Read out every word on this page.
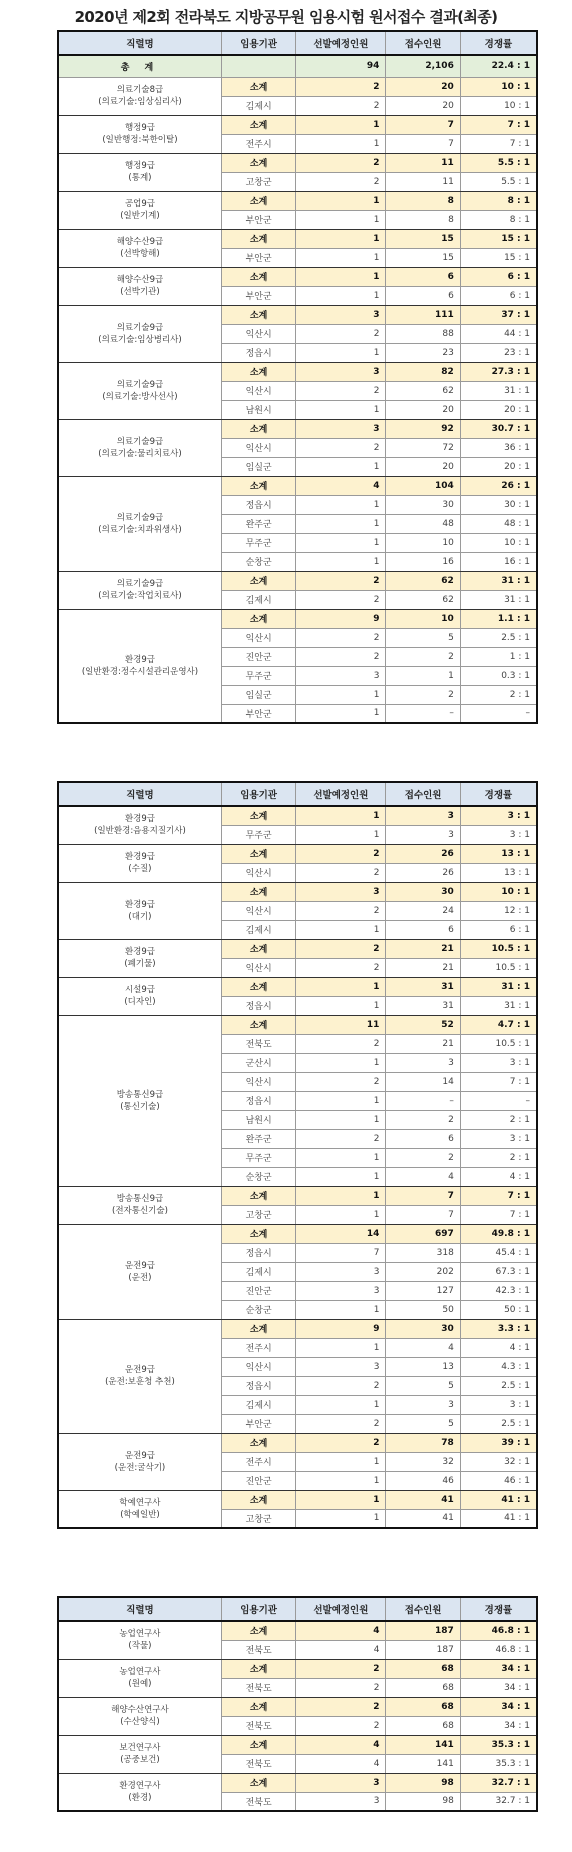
2020년 제2회 전라북도 지방공무원 임용시험 원서접수 결과(최종)
직렬명	임용기관	선발예정인원	접수인원	경쟁률
총 계		94	2,106	22.4 : 1

의료기술8급
(의료기술:임상심리사)	소계	2	20	10 : 1
	김제시	2	20	10 : 1

행정9급
(일반행정:북한이탈)	소계	1	7	7 : 1
	전주시	1	7	7 : 1

행정9급
(통계)	소계	2	11	5.5 : 1
	고창군	2	11	5.5 : 1

공업9급
(일반기계)	소계	1	8	8 : 1
	부안군	1	8	8 : 1

해양수산9급
(선박항해)	소계	1	15	15 : 1
	부안군	1	15	15 : 1

해양수산9급
(선박기관)	소계	1	6	6 : 1
	부안군	1	6	6 : 1

의료기술9급
(의료기술:임상병리사)	소계	3	111	37 : 1
	익산시	2	88	44 : 1
	정읍시	1	23	23 : 1

의료기술9급
(의료기술:방사선사)	소계	3	82	27.3 : 1
	익산시	2	62	31 : 1
	남원시	1	20	20 : 1

의료기술9급
(의료기술:물리치료사)	소계	3	92	30.7 : 1
	익산시	2	72	36 : 1
	임실군	1	20	20 : 1

의료기술9급
(의료기술:치과위생사)	소계	4	104	26 : 1
	정읍시	1	30	30 : 1
	완주군	1	48	48 : 1
	무주군	1	10	10 : 1
	순창군	1	16	16 : 1

의료기술9급
(의료기술:작업치료사)	소계	2	62	31 : 1
	김제시	2	62	31 : 1

환경9급
(일반환경:정수시설관리운영사)	소계	9	10	1.1 : 1
	익산시	2	5	2.5 : 1
	진안군	2	2	1 : 1
	무주군	3	1	0.3 : 1
	임실군	1	2	2 : 1
	부안군	1	–	–
직렬명	임용기관	선발예정인원	접수인원	경쟁률

환경9급
(일반환경:음용지질기사)	소계	1	3	3 : 1
	무주군	1	3	3 : 1

환경9급
(수질)	소계	2	26	13 : 1
	익산시	2	26	13 : 1

환경9급
(대기)	소계	3	30	10 : 1
	익산시	2	24	12 : 1
	김제시	1	6	6 : 1

환경9급
(폐기물)	소계	2	21	10.5 : 1
	익산시	2	21	10.5 : 1

시설9급
(디자인)	소계	1	31	31 : 1
	정읍시	1	31	31 : 1

방송통신9급
(통신기술)	소계	11	52	4.7 : 1
	전북도	2	21	10.5 : 1
	군산시	1	3	3 : 1
	익산시	2	14	7 : 1
	정읍시	1	–	–
	남원시	1	2	2 : 1
	완주군	2	6	3 : 1
	무주군	1	2	2 : 1
	순창군	1	4	4 : 1

방송통신9급
(전자통신기술)	소계	1	7	7 : 1
	고창군	1	7	7 : 1

운전9급
(운전)	소계	14	697	49.8 : 1
	정읍시	7	318	45.4 : 1
	김제시	3	202	67.3 : 1
	진안군	3	127	42.3 : 1
	순창군	1	50	50 : 1

운전9급
(운전:보훈청 추천)	소계	9	30	3.3 : 1
	전주시	1	4	4 : 1
	익산시	3	13	4.3 : 1
	정읍시	2	5	2.5 : 1
	김제시	1	3	3 : 1
	부안군	2	5	2.5 : 1

운전9급
(운전:굴삭기)	소계	2	78	39 : 1
	전주시	1	32	32 : 1
	진안군	1	46	46 : 1

학예연구사
(학예일반)	소계	1	41	41 : 1
	고창군	1	41	41 : 1
직렬명	임용기관	선발예정인원	접수인원	경쟁률

농업연구사
(작물)	소계	4	187	46.8 : 1
	전북도	4	187	46.8 : 1

농업연구사
(원예)	소계	2	68	34 : 1
	전북도	2	68	34 : 1

해양수산연구사
(수산양식)	소계	2	68	34 : 1
	전북도	2	68	34 : 1

보건연구사
(공중보건)	소계	4	141	35.3 : 1
	전북도	4	141	35.3 : 1

환경연구사
(환경)	소계	3	98	32.7 : 1
	전북도	3	98	32.7 : 1
